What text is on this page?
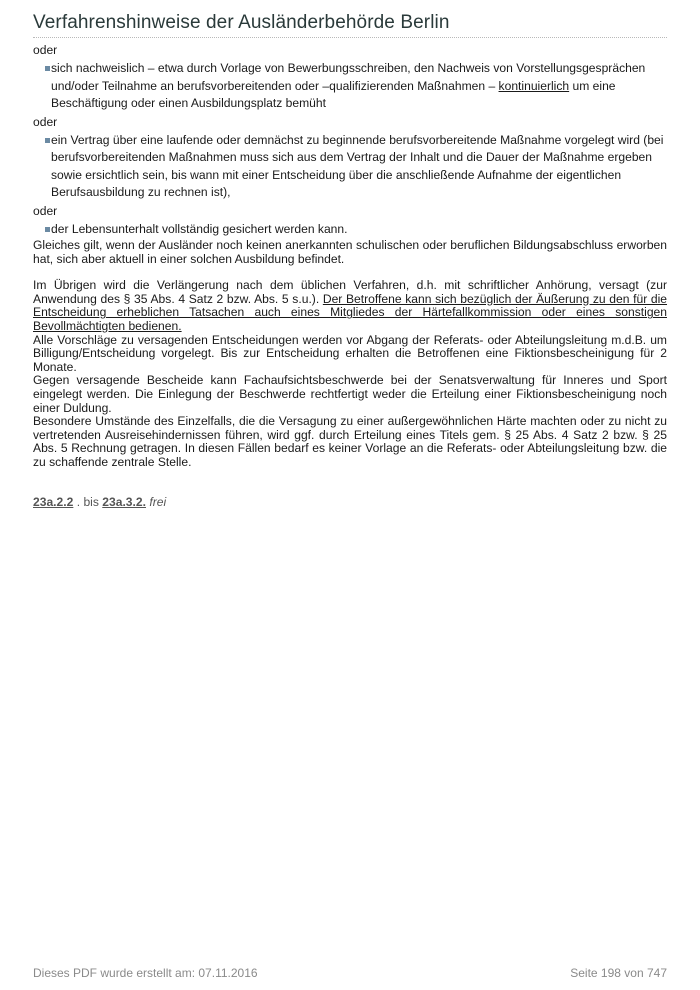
Verfahrenshinweise der Ausländerbehörde Berlin

oder

sich nachweislich – etwa durch Vorlage von Bewerbungsschreiben, den Nachweis von Vorstellungsgesprächen und/oder Teilnahme an berufsvorbereitenden oder –qualifizierenden Maßnahmen – kontinuierlich um eine Beschäftigung oder einen Ausbildungsplatz bemüht

oder

ein Vertrag über eine laufende oder demnächst zu beginnende berufsvorbereitende Maßnahme vorgelegt wird (bei berufsvorbereitenden Maßnahmen muss sich aus dem Vertrag der Inhalt und die Dauer der Maßnahme ergeben sowie ersichtlich sein, bis wann mit einer Entscheidung über die anschließende Aufnahme der eigentlichen Berufsausbildung zu rechnen ist),

oder

der Lebensunterhalt vollständig gesichert werden kann.

Gleiches gilt, wenn der Ausländer noch keinen anerkannten schulischen oder beruflichen Bildungsabschluss erworben hat, sich aber aktuell in einer solchen Ausbildung befindet.

Im Übrigen wird die Verlängerung nach dem üblichen Verfahren, d.h. mit schriftlicher Anhörung, versagt (zur Anwendung des § 35 Abs. 4 Satz 2 bzw. Abs. 5 s.u.). Der Betroffene kann sich bezüglich der Äußerung zu den für die Entscheidung erheblichen Tatsachen auch eines Mitgliedes der Härtefallkommission oder eines sonstigen Bevollmächtigten bedienen.

Alle Vorschläge zu versagenden Entscheidungen werden vor Abgang der Referats- oder Abteilungsleitung m.d.B. um Billigung/Entscheidung vorgelegt. Bis zur Entscheidung erhalten die Betroffenen eine Fiktionsbescheinigung für 2 Monate.

Gegen versagende Bescheide kann Fachaufsichtsbeschwerde bei der Senatsverwaltung für Inneres und Sport eingelegt werden. Die Einlegung der Beschwerde rechtfertigt weder die Erteilung einer Fiktionsbescheinigung noch einer Duldung.

Besondere Umstände des Einzelfalls, die die Versagung zu einer außergewöhnlichen Härte machten oder zu nicht zu vertretenden Ausreisehindernissen führen, wird ggf. durch Erteilung eines Titels gem. § 25 Abs. 4 Satz 2 bzw. § 25 Abs. 5 Rechnung getragen. In diesen Fällen bedarf es keiner Vorlage an die Referats- oder Abteilungsleitung bzw. die zu schaffende zentrale Stelle.

23a.2.2 . bis 23a.3.2. frei
Dieses PDF wurde erstellt am: 07.11.2016	Seite 198 von 747
